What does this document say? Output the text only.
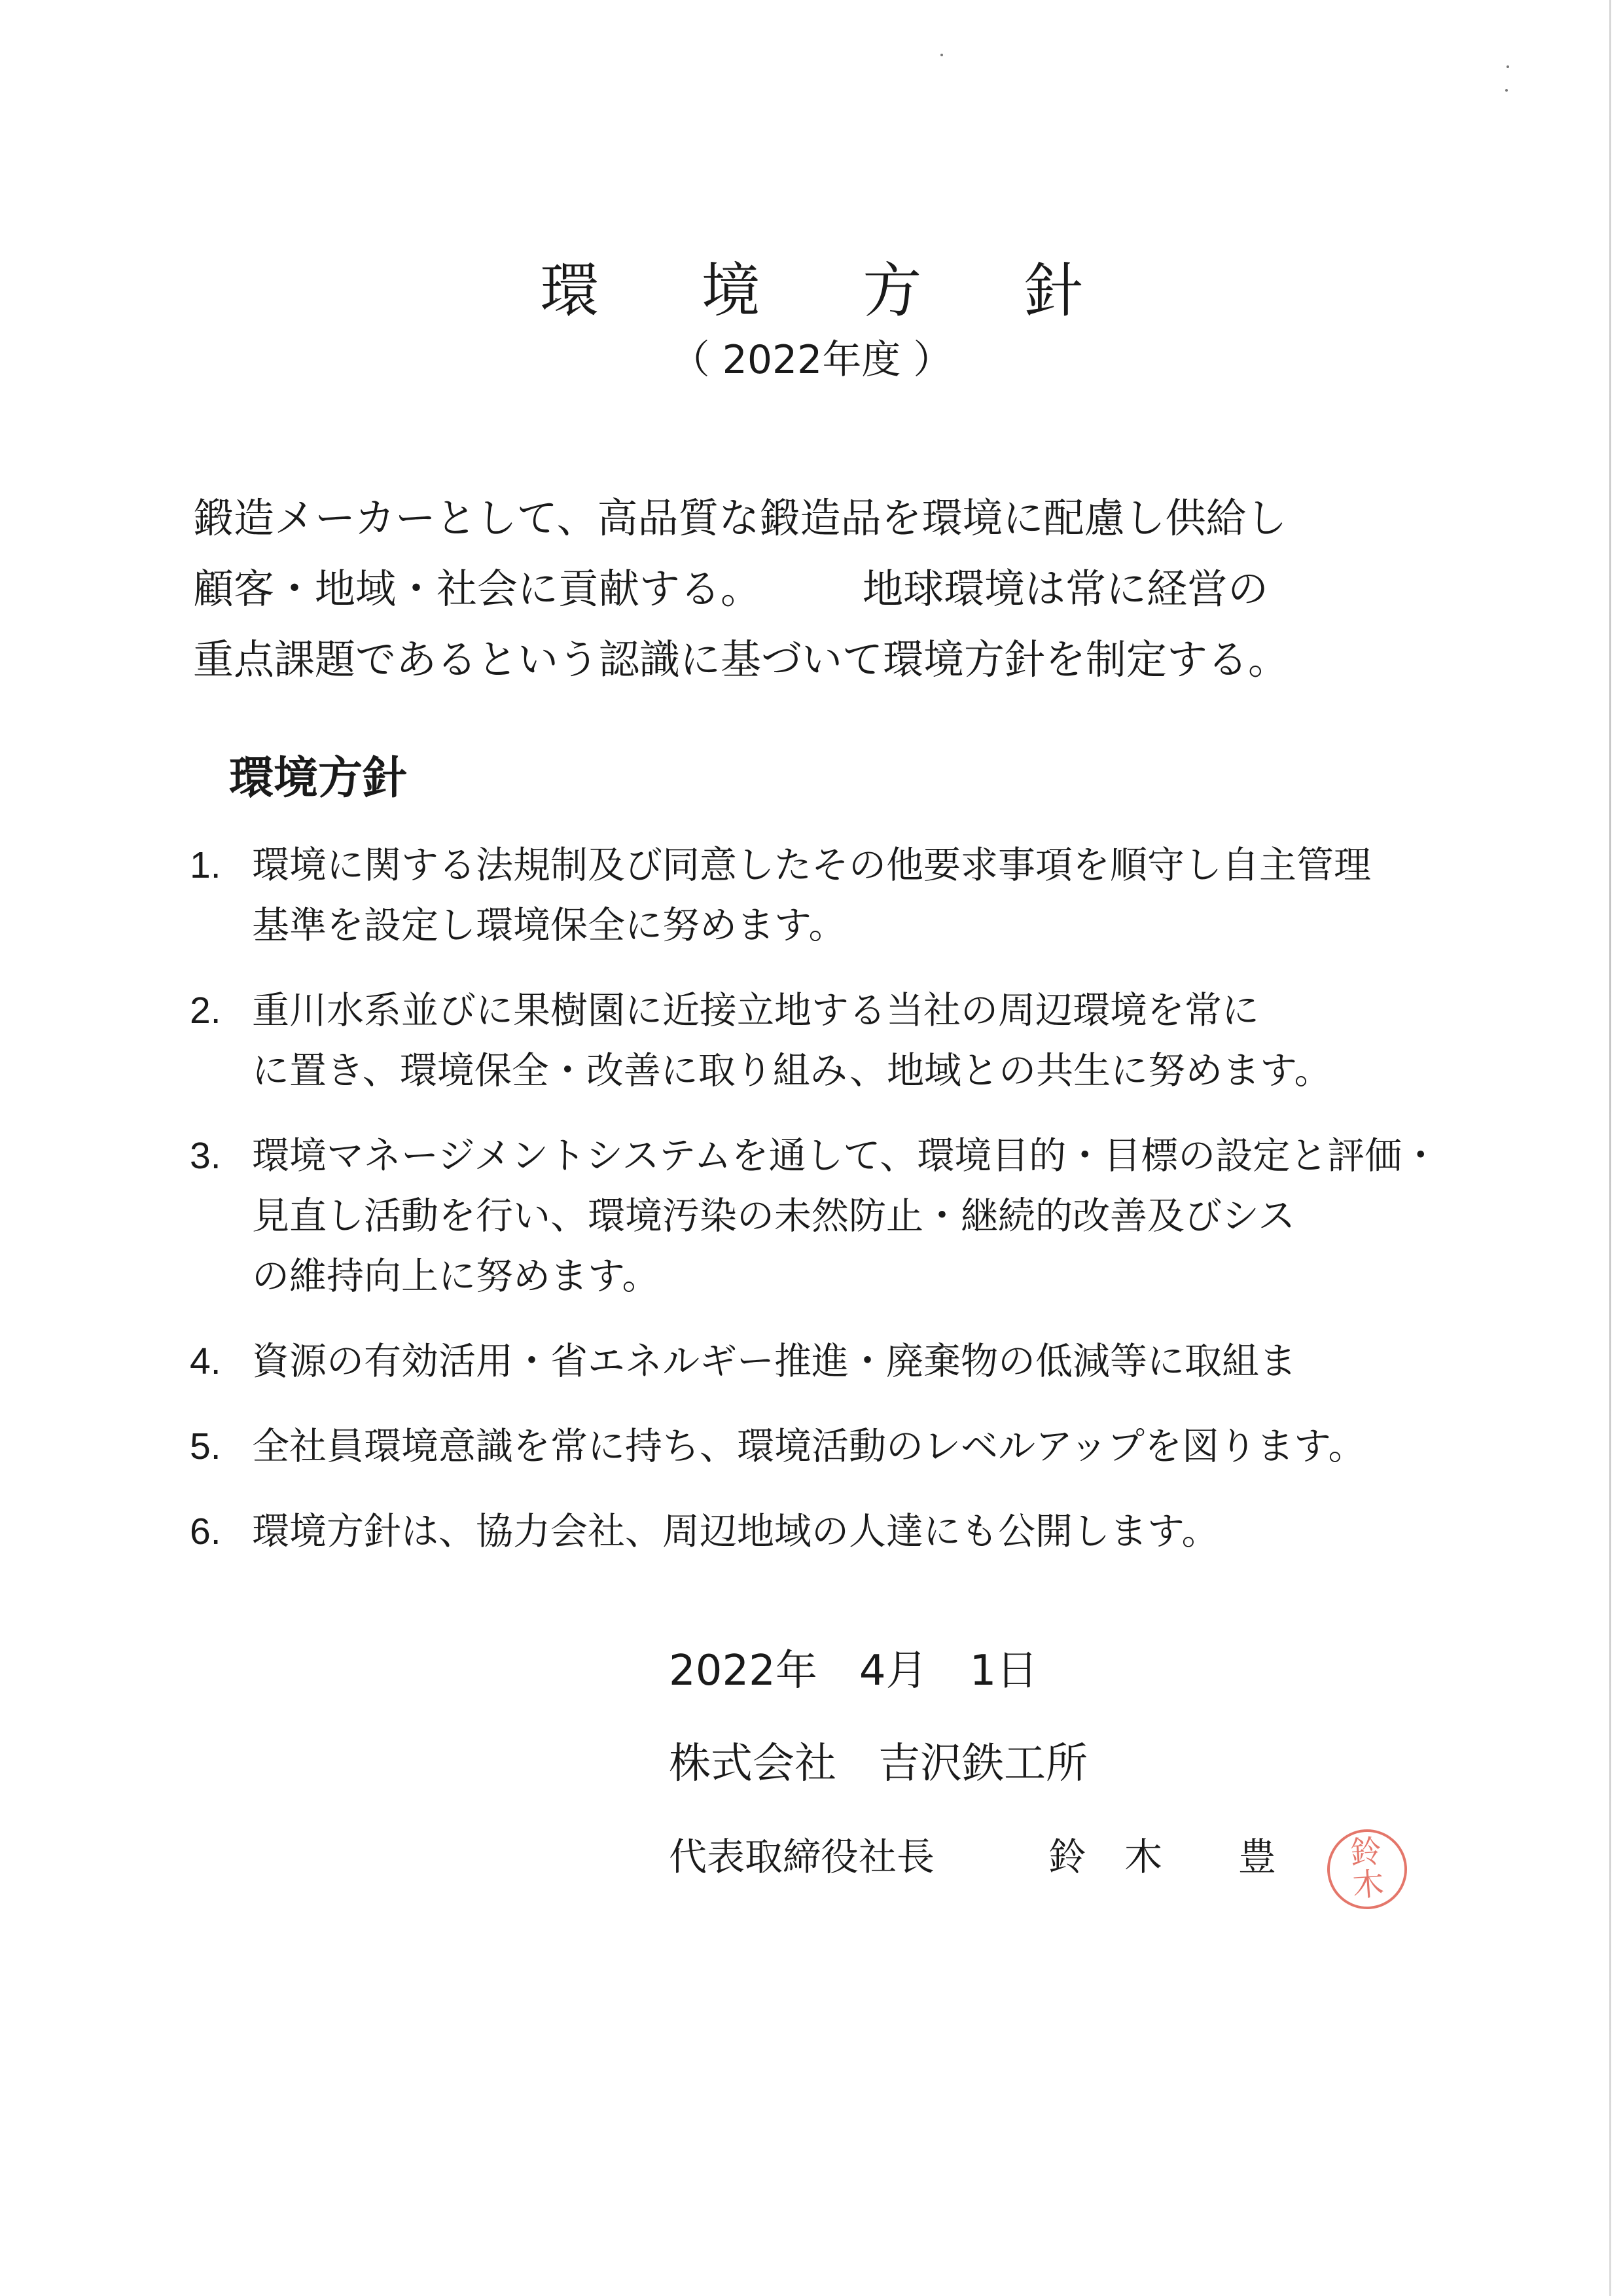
環 境 方 針
（ 2022年度 ）
鍛造メーカーとして、高品質な鍛造品を環境に配慮し供給し
顧客・地域・社会に貢献する。　　　地球環境は常に経営の
重点課題であるという認識に基づいて環境方針を制定する。
環境方針
1. 環境に関する法規制及び同意したその他要求事項を順守し自主管理
基準を設定し環境保全に努めます。
2. 重川水系並びに果樹園に近接立地する当社の周辺環境を常に
に置き、環境保全・改善に取り組み、地域との共生に努めます。
3. 環境マネージメントシステムを通して、環境目的・目標の設定と評価・
見直し活動を行い、環境汚染の未然防止・継続的改善及びシス
の維持向上に努めます。
4. 資源の有効活用・省エネルギー推進・廃棄物の低減等に取組ま
5. 全社員環境意識を常に持ち、環境活動のレベルアップを図ります。
6. 環境方針は、協力会社、周辺地域の人達にも公開します。
2022年　4月　1日
株式会社　吉沢鉄工所
代表取締役社長　　　鈴　木　　豊	鈴
木
